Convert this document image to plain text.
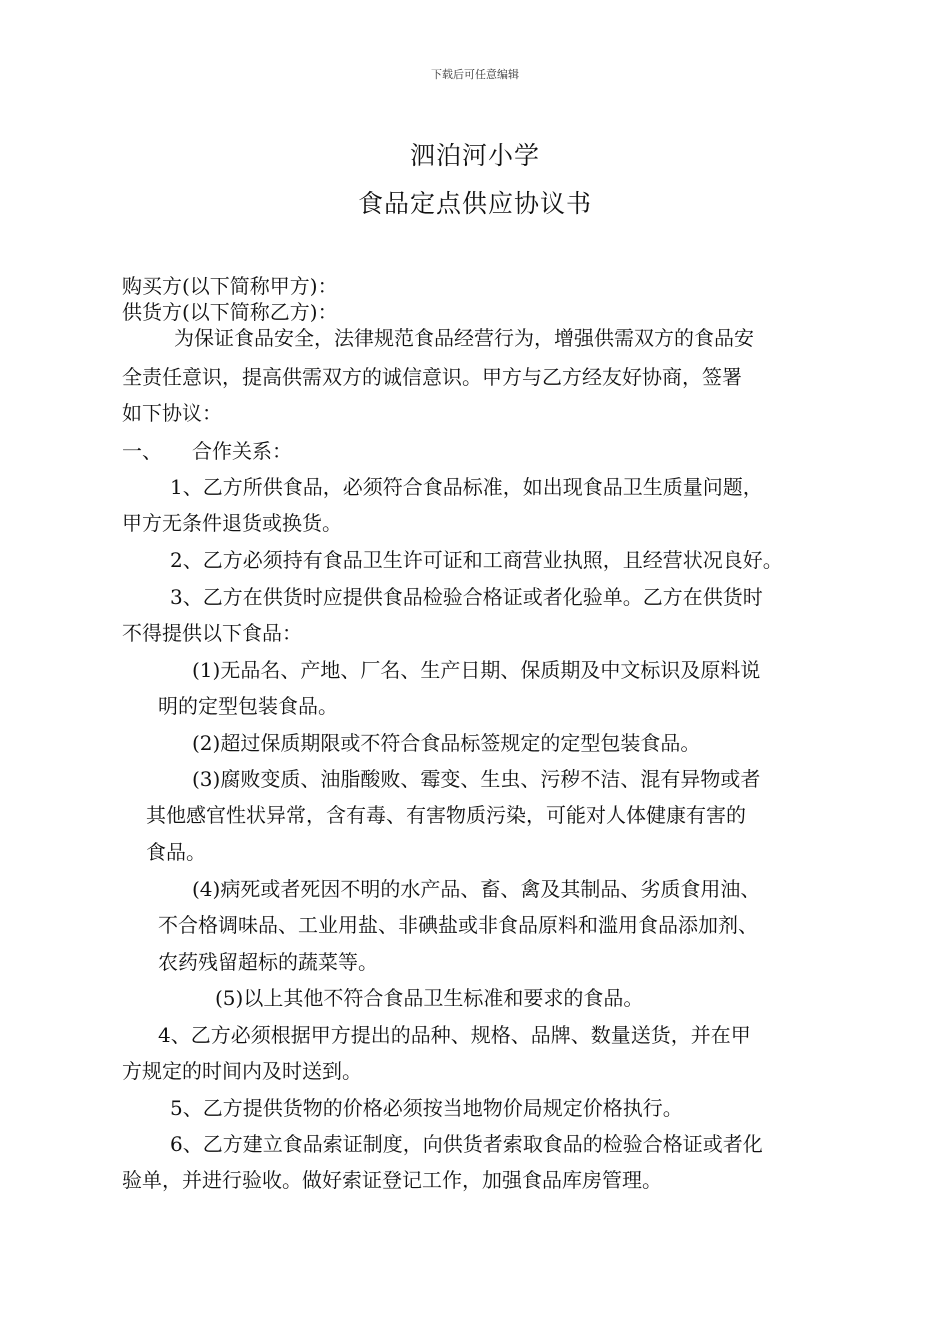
下载后可任意编辑
泗泊河小学
食品定点供应协议书
购买方(以下简称甲方)：
供货方(以下简称乙方)：
为保证食品安全，法律规范食品经营行为，增强供需双方的食品安
全责任意识，提高供需双方的诚信意识。甲方与乙方经友好协商，签署
如下协议：
一、 合作关系：
1、乙方所供食品，必须符合食品标准，如出现食品卫生质量问题，
甲方无条件退货或换货。
2、乙方必须持有食品卫生许可证和工商营业执照，且经营状况良好。
3、乙方在供货时应提供食品检验合格证或者化验单。乙方在供货时
不得提供以下食品：
(1)无品名、产地、厂名、生产日期、保质期及中文标识及原料说
明的定型包装食品。
(2)超过保质期限或不符合食品标签规定的定型包装食品。
(3)腐败变质、油脂酸败、霉变、生虫、污秽不洁、混有异物或者
其他感官性状异常，含有毒、有害物质污染，可能对人体健康有害的
食品。
(4)病死或者死因不明的水产品、畜、禽及其制品、劣质食用油、
不合格调味品、工业用盐、非碘盐或非食品原料和滥用食品添加剂、
农药残留超标的蔬菜等。
(5)以上其他不符合食品卫生标准和要求的食品。
4、乙方必须根据甲方提出的品种、规格、品牌、数量送货，并在甲
方规定的时间内及时送到。
5、乙方提供货物的价格必须按当地物价局规定价格执行。
6、乙方建立食品索证制度，向供货者索取食品的检验合格证或者化
验单，并进行验收。做好索证登记工作，加强食品库房管理。
